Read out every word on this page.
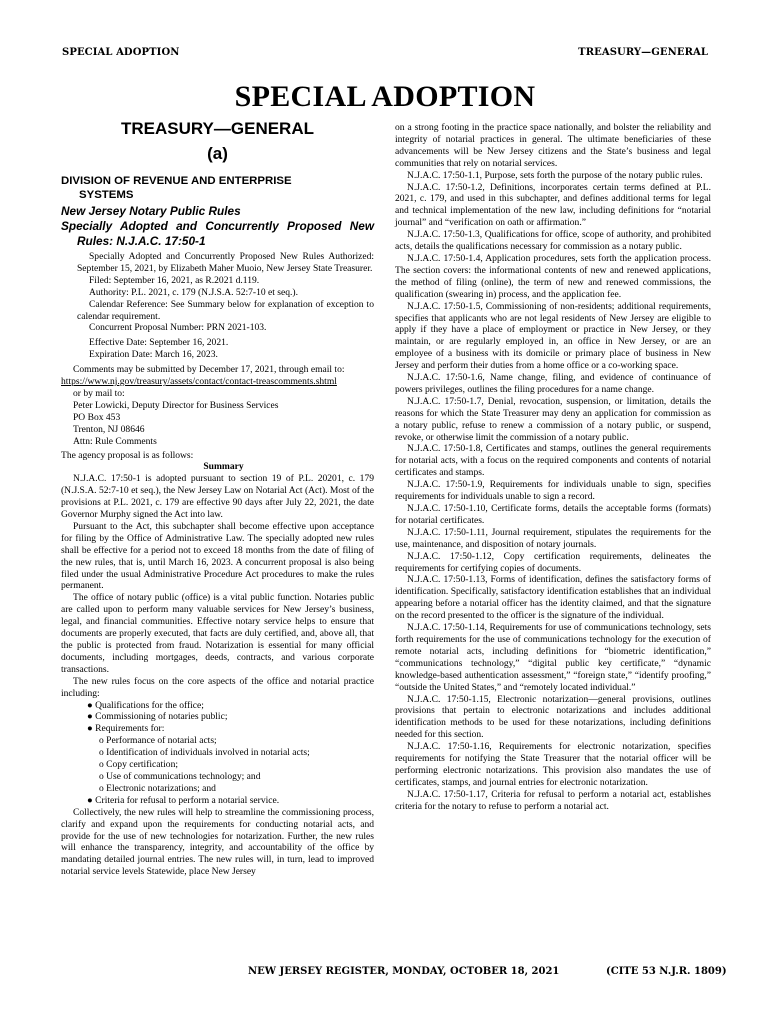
SPECIAL ADOPTION	TREASURY—GENERAL
SPECIAL ADOPTION
TREASURY—GENERAL
(a)
DIVISION OF REVENUE AND ENTERPRISE
SYSTEMS
New Jersey Notary Public Rules
Specially Adopted and Concurrently Proposed New Rules: N.J.A.C. 17:50-1

Specially Adopted and Concurrently Proposed New Rules Authorized: September 15, 2021, by Elizabeth Maher Muoio, New Jersey State Treasurer.

Filed: September 16, 2021, as R.2021 d.119.

Authority: P.L. 2021, c. 179 (N.J.S.A. 52:7-10 et seq.).

Calendar Reference: See Summary below for explanation of exception to calendar requirement.

Concurrent Proposal Number: PRN 2021-103.

Effective Date: September 16, 2021.

Expiration Date: March 16, 2023.

Comments may be submitted by December 17, 2021, through email to: https://www.nj.gov/treasury/assets/contact/contact-treascomments.shtml

or by mail to:

Peter Lowicki, Deputy Director for Business Services

PO Box 453

Trenton, NJ 08646

Attn: Rule Comments

The agency proposal is as follows:

Summary

N.J.A.C. 17:50-1 is adopted pursuant to section 19 of P.L. 20201, c. 179 (N.J.S.A. 52:7-10 et seq.), the New Jersey Law on Notarial Act (Act). Most of the provisions at P.L. 2021, c. 179 are effective 90 days after July 22, 2021, the date Governor Murphy signed the Act into law.

Pursuant to the Act, this subchapter shall become effective upon acceptance for filing by the Office of Administrative Law. The specially adopted new rules shall be effective for a period not to exceed 18 months from the date of filing of the new rules, that is, until March 16, 2023. A concurrent proposal is also being filed under the usual Administrative Procedure Act procedures to make the rules permanent.

The office of notary public (office) is a vital public function. Notaries public are called upon to perform many valuable services for New Jersey’s business, legal, and financial communities. Effective notary service helps to ensure that documents are properly executed, that facts are duly certified, and, above all, that the public is protected from fraud. Notarization is essential for many official documents, including mortgages, deeds, contracts, and various corporate transactions.

The new rules focus on the core aspects of the office and notarial practice including:

● Qualifications for the office;

● Commissioning of notaries public;

● Requirements for:

o Performance of notarial acts;

o Identification of individuals involved in notarial acts;

o Copy certification;

o Use of communications technology; and

o Electronic notarizations; and

● Criteria for refusal to perform a notarial service.

Collectively, the new rules will help to streamline the commissioning process, clarify and expand upon the requirements for conducting notarial acts, and provide for the use of new technologies for notarization. Further, the new rules will enhance the transparency, integrity, and accountability of the office by mandating detailed journal entries. The new rules will, in turn, lead to improved notarial service levels Statewide, place New Jersey

on a strong footing in the practice space nationally, and bolster the reliability and integrity of notarial practices in general. The ultimate beneficiaries of these advancements will be New Jersey citizens and the State’s business and legal communities that rely on notarial services.

N.J.A.C. 17:50-1.1, Purpose, sets forth the purpose of the notary public rules.

N.J.A.C. 17:50-1.2, Definitions, incorporates certain terms defined at P.L. 2021, c. 179, and used in this subchapter, and defines additional terms for legal and technical implementation of the new law, including definitions for “notarial journal” and “verification on oath or affirmation.”

N.J.A.C. 17:50-1.3, Qualifications for office, scope of authority, and prohibited acts, details the qualifications necessary for commission as a notary public.

N.J.A.C. 17:50-1.4, Application procedures, sets forth the application process. The section covers: the informational contents of new and renewed applications, the method of filing (online), the term of new and renewed commissions, the qualification (swearing in) process, and the application fee.

N.J.A.C. 17:50-1.5, Commissioning of non-residents; additional requirements, specifies that applicants who are not legal residents of New Jersey are eligible to apply if they have a place of employment or practice in New Jersey, or they maintain, or are regularly employed in, an office in New Jersey, or are an employee of a business with its domicile or primary place of business in New Jersey and perform their duties from a home office or a co-working space.

N.J.A.C. 17:50-1.6, Name change, filing, and evidence of continuance of powers privileges, outlines the filing procedures for a name change.

N.J.A.C. 17:50-1.7, Denial, revocation, suspension, or limitation, details the reasons for which the State Treasurer may deny an application for commission as a notary public, refuse to renew a commission of a notary public, or suspend, revoke, or otherwise limit the commission of a notary public.

N.J.A.C. 17:50-1.8, Certificates and stamps, outlines the general requirements for notarial acts, with a focus on the required components and contents of notarial certificates and stamps.

N.J.A.C. 17:50-1.9, Requirements for individuals unable to sign, specifies requirements for individuals unable to sign a record.

N.J.A.C. 17:50-1.10, Certificate forms, details the acceptable forms (formats) for notarial certificates.

N.J.A.C. 17:50-1.11, Journal requirement, stipulates the requirements for the use, maintenance, and disposition of notary journals.

N.J.A.C. 17:50-1.12, Copy certification requirements, delineates the requirements for certifying copies of documents.

N.J.A.C. 17:50-1.13, Forms of identification, defines the satisfactory forms of identification. Specifically, satisfactory identification establishes that an individual appearing before a notarial officer has the identity claimed, and that the signature on the record presented to the officer is the signature of the individual.

N.J.A.C. 17:50-1.14, Requirements for use of communications technology, sets forth requirements for the use of communications technology for the execution of remote notarial acts, including definitions for “biometric identification,” “communications technology,” “digital public key certificate,” “dynamic knowledge-based authentication assessment,” “foreign state,” “identify proofing,” “outside the United States,” and “remotely located individual.”

N.J.A.C. 17:50-1.15, Electronic notarization—general provisions, outlines provisions that pertain to electronic notarizations and includes additional identification methods to be used for these notarizations, including definitions needed for this section.

N.J.A.C. 17:50-1.16, Requirements for electronic notarization, specifies requirements for notifying the State Treasurer that the notarial officer will be performing electronic notarizations. This provision also mandates the use of certificates, stamps, and journal entries for electronic notarization.

N.J.A.C. 17:50-1.17, Criteria for refusal to perform a notarial act, establishes criteria for the notary to refuse to perform a notarial act.

NEW JERSEY REGISTER, MONDAY, OCTOBER 18, 2021	(CITE 53 N.J.R. 1809)
